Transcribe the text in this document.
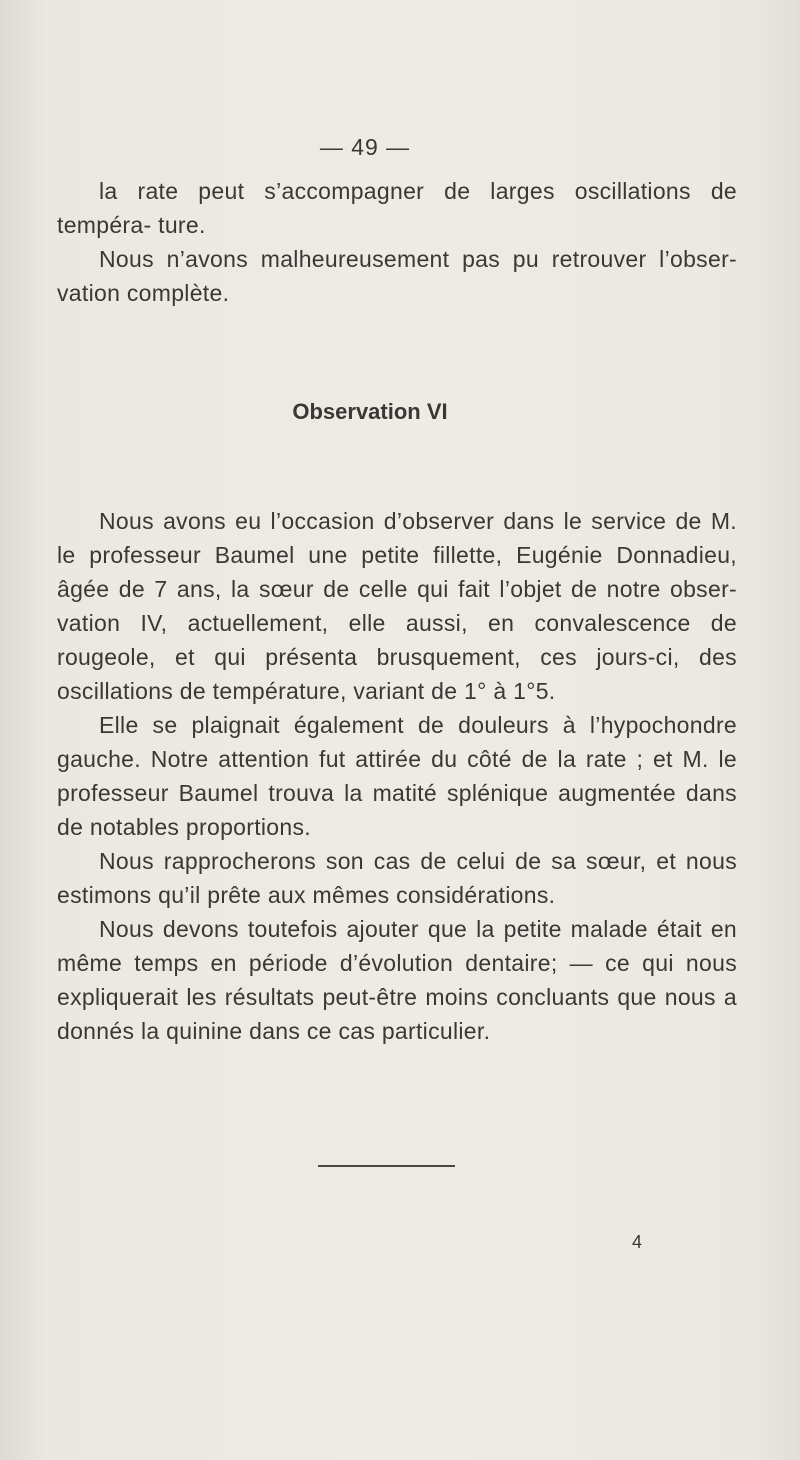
— 49 —

la rate peut s’accompagner de larges oscillations de tempéra- ture.

Nous n’avons malheureusement pas pu retrouver l’obser- vation complète.

Observation VI

Nous avons eu l’occasion d’observer dans le service de M. le professeur Baumel une petite fillette, Eugénie Donnadieu, âgée de 7 ans, la sœur de celle qui fait l’objet de notre obser- vation IV, actuellement, elle aussi, en convalescence de rougeole, et qui présenta brusquement, ces jours-ci, des oscillations de température, variant de 1° à 1°5.

Elle se plaignait également de douleurs à l’hypochondre gauche. Notre attention fut attirée du côté de la rate ; et M. le professeur Baumel trouva la matité splénique augmentée dans de notables proportions.

Nous rapprocherons son cas de celui de sa sœur, et nous estimons qu’il prête aux mêmes considérations.

Nous devons toutefois ajouter que la petite malade était en même temps en période d’évolution dentaire; — ce qui nous expliquerait les résultats peut-être moins concluants que nous a donnés la quinine dans ce cas particulier.

4
